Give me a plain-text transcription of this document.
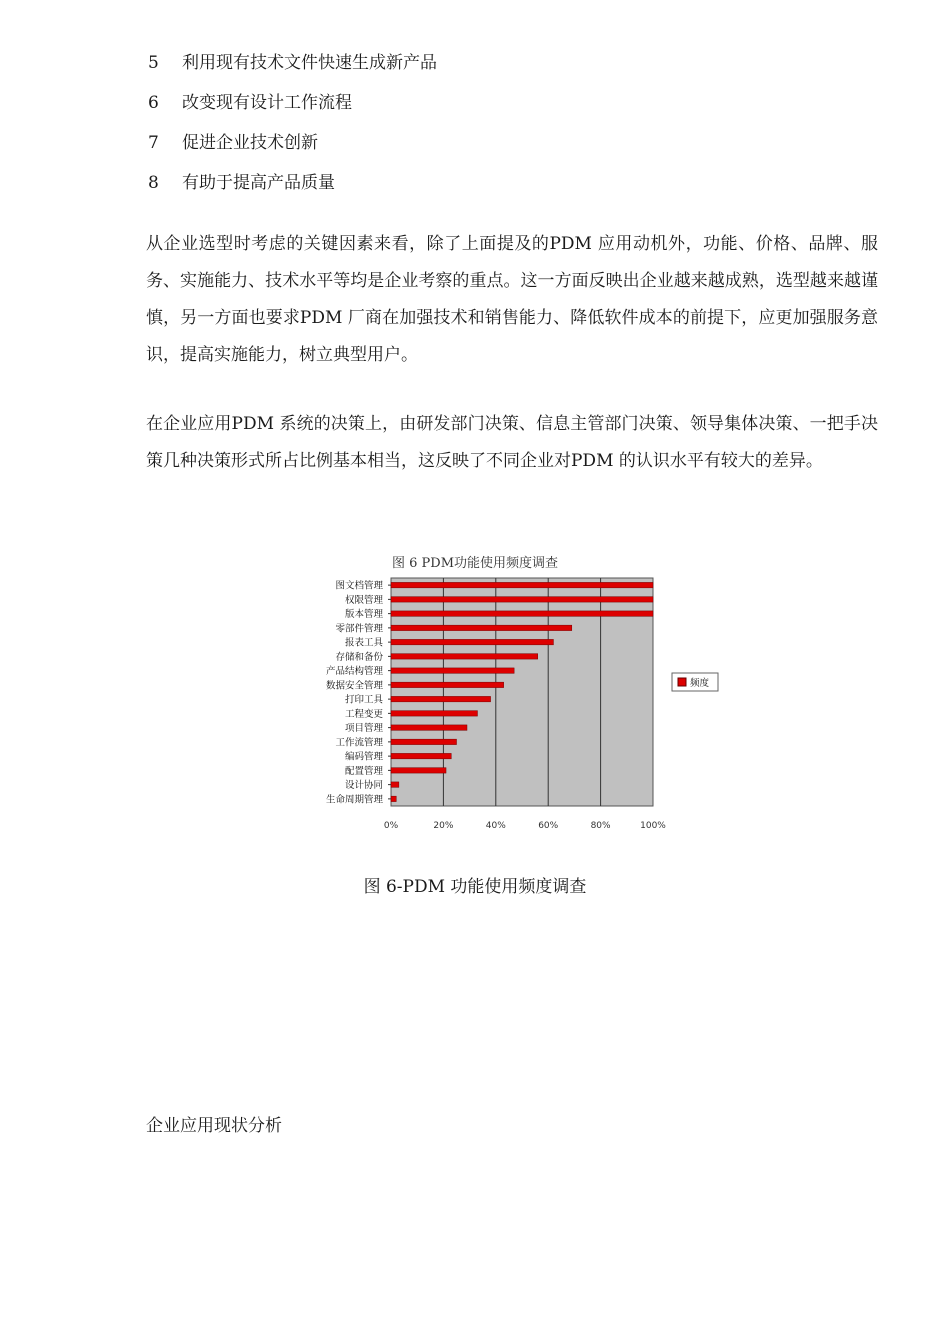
5 利用现有技术文件快速生成新产品
6 改变现有设计工作流程
7 促进企业技术创新
8 有助于提高产品质量

从企业选型时考虑的关键因素来看，除了上面提及的PDM 应用动机外，功能、价格、品牌、服务、实施能力、技术水平等均是企业考察的重点。这一方面反映出企业越来越成熟，选型越来越谨慎，另一方面也要求PDM 厂商在加强技术和销售能力、降低软件成本的前提下，应更加强服务意识，提高实施能力，树立典型用户。

在企业应用PDM 系统的决策上，由研发部门决策、信息主管部门决策、领导集体决策、一把手决策几种决策形式所占比例基本相当，这反映了不同企业对PDM 的认识水平有较大的差异。

图 6 PDM功能使用频度调查
0%	20%	40%	60%	80%	100%
图文档管理
权限管理
版本管理
零部件管理
报表工具
存储和备份
产品结构管理
数据安全管理
打印工具
工程变更
项目管理
工作流管理
编码管理
配置管理
设计协同
生命周期管理
频度
图 6-PDM 功能使用频度调查
企业应用现状分析
